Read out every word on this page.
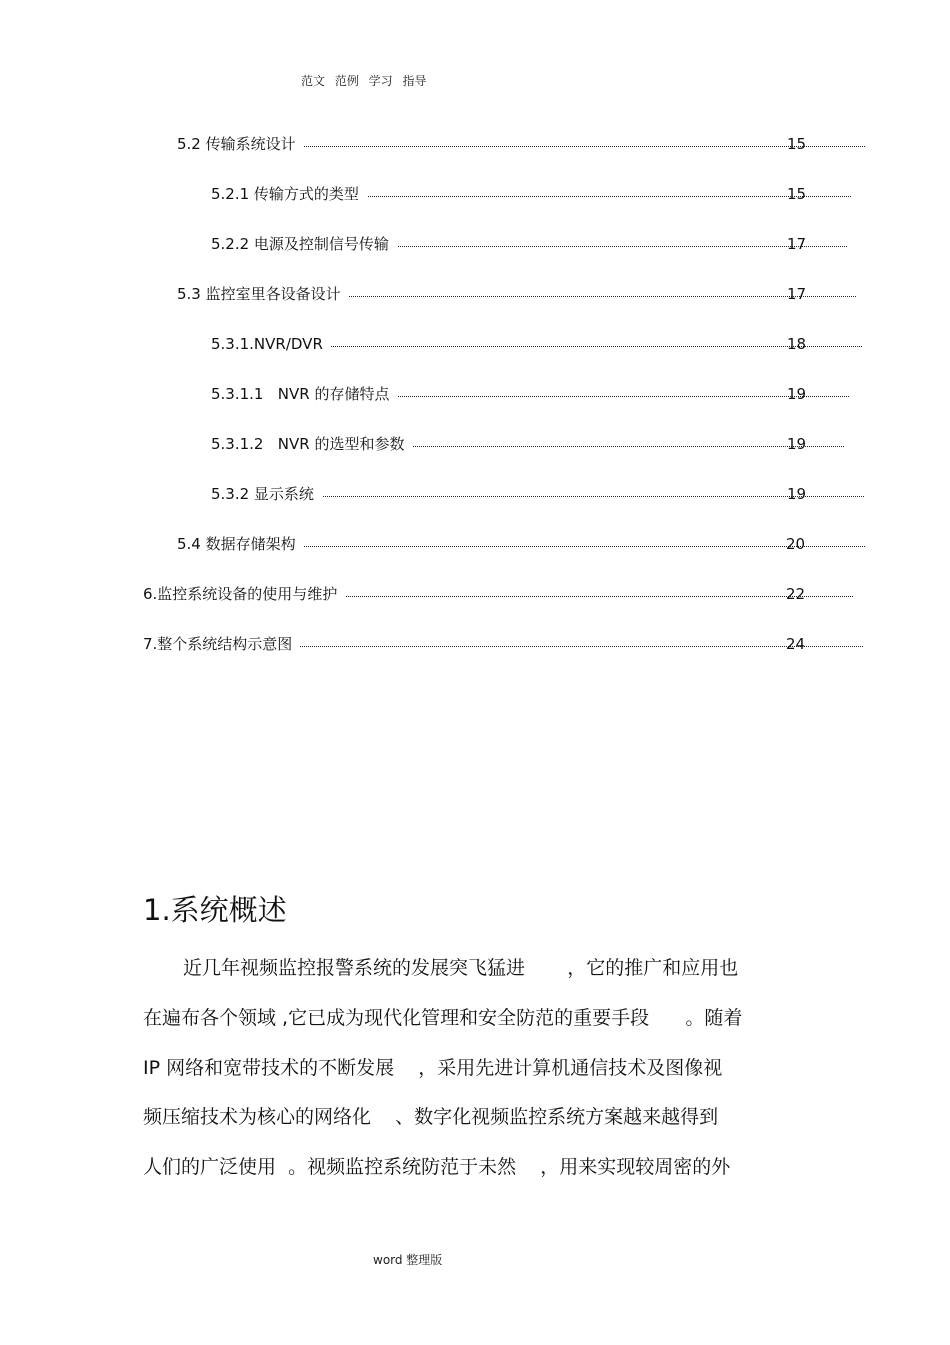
范文 范例 学习 指导
5.2 传输系统设计	15
5.2.1 传输方式的类型	15
5.2.2 电源及控制信号传输	17
5.3 监控室里各设备设计	17
5.3.1.NVR/DVR	18
5.3.1.1   NVR 的存储特点	19
5.3.1.2   NVR 的选型和参数	19
5.3.2 显示系统	19
5.4 数据存储架构	20
6.监控系统设备的使用与维护	22
7.整个系统结构示意图	24
1.系统概述
近几年视频监控报警系统的发展突飞猛进       ，它的推广和应用也
在遍布各个领域 ,它已成为现代化管理和安全防范的重要手段      。随着
IP 网络和宽带技术的不断发展    ，采用先进计算机通信技术及图像视
频压缩技术为核心的网络化    、数字化视频监控系统方案越来越得到
人们的广泛使用  。视频监控系统防范于未然    ，用来实现较周密的外
word 整理版
